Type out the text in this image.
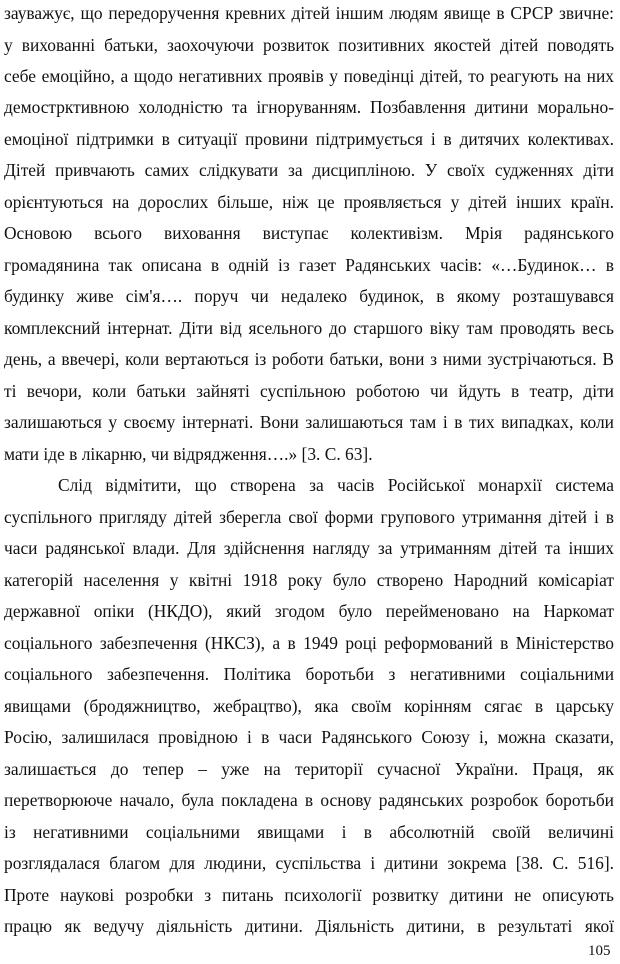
зауважує, що передоручення кревних дітей іншим людям явище в СРСР звичне:
у вихованні батьки, заохочуючи розвиток позитивних якостей дітей поводять
себе емоційно, а щодо негативних проявів у поведінці дітей, то реагують на них
демострктивною холодністю та ігноруванням. Позбавлення дитини морально-
емоціної підтримки в ситуації провини підтримується і в дитячих колективах.
Дітей привчають самих слідкувати за дисципліною. У своїх судженнях діти
орієнтуються на дорослих більше, ніж це проявляється у дітей інших країн.
Основою всього виховання виступає колективізм. Мрія радянського
громадянина так описана в одній із газет Радянських часів: «…Будинок… в
будинку живе сім'я…. поруч чи недалеко будинок, в якому розташувався
комплексний інтернат. Діти від ясельного до старшого віку там проводять весь
день, а ввечері, коли вертаються із роботи батьки, вони з ними зустрічаються. В
ті вечори, коли батьки зайняті суспільною роботою чи йдуть в театр, діти
залишаються у своєму інтернаті. Вони залишаються там і в тих випадках, коли
мати іде в лікарню, чи відрядження….» [3. С. 63].
Слід відмітити, що створена за часів Російської монархії система
суспільного пригляду дітей зберегла свої форми групового утримання дітей і в
часи радянської влади. Для здійснення нагляду за утриманням дітей та інших
категорій населення у квітні 1918 року було створено Народний комісаріат
державної опіки (НКДО), який згодом було перейменовано на Наркомат
соціального забезпечення (НКСЗ), а в 1949 році реформований в Міністерство
соціального забезпечення. Політика боротьби з негативними соціальними
явищами (бродяжництво, жебрацтво), яка своїм корінням сягає в царську
Росію, залишилася провідною і в часи Радянського Союзу і, можна сказати,
залишається до тепер – уже на території сучасної України. Праця, як
перетворюючe начало, була покладена в основу радянських розробок боротьби
із негативними соціальними явищами і в абсолютній своїй величині
розглядалася благом для людини, суспільства і дитини зокрема [38. С. 516].
Проте наукові розробки з питань психології розвитку дитини не описують
працю як ведучу діяльність дитини. Діяльність дитини, в результаті якої
105
